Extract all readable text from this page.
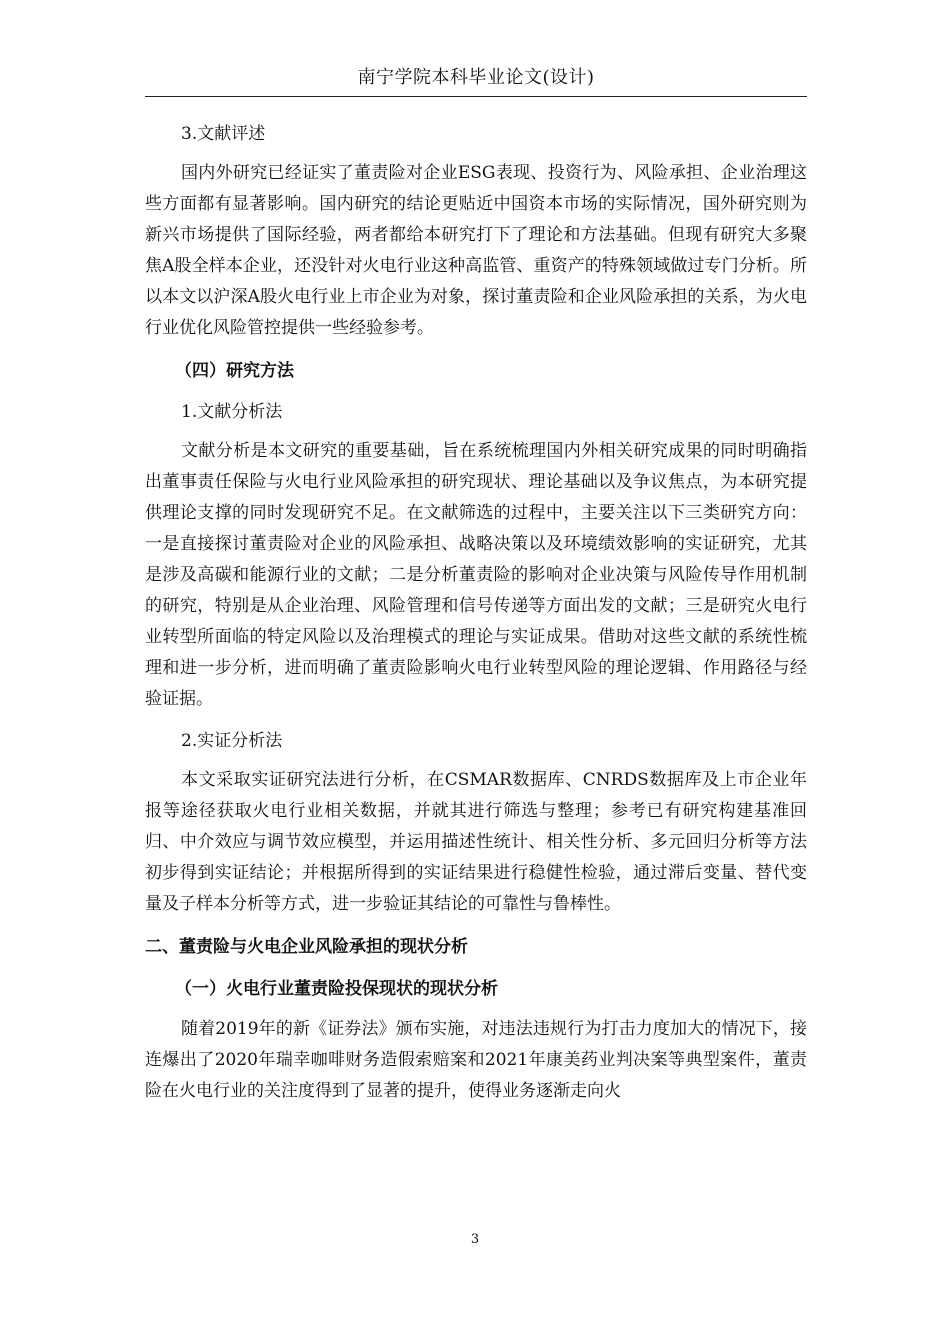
南宁学院本科毕业论文(设计)
3.文献评述

国内外研究已经证实了董责险对企业ESG表现、投资行为、风险承担、企业治理这些方面都有显著影响。国内研究的结论更贴近中国资本市场的实际情况，国外研究则为新兴市场提供了国际经验，两者都给本研究打下了理论和方法基础。但现有研究大多聚焦A股全样本企业，还没针对火电行业这种高监管、重资产的特殊领域做过专门分析。所以本文以沪深A股火电行业上市企业为对象，探讨董责险和企业风险承担的关系，为火电行业优化风险管控提供一些经验参考。

（四）研究方法
1.文献分析法

文献分析是本文研究的重要基础，旨在系统梳理国内外相关研究成果的同时明确指出董事责任保险与火电行业风险承担的研究现状、理论基础以及争议焦点，为本研究提供理论支撑的同时发现研究不足。在文献筛选的过程中，主要关注以下三类研究方向：一是直接探讨董责险对企业的风险承担、战略决策以及环境绩效影响的实证研究，尤其是涉及高碳和能源行业的文献；二是分析董责险的影响对企业决策与风险传导作用机制的研究，特别是从企业治理、风险管理和信号传递等方面出发的文献；三是研究火电行业转型所面临的特定风险以及治理模式的理论与实证成果。借助对这些文献的系统性梳理和进一步分析，进而明确了董责险影响火电行业转型风险的理论逻辑、作用路径与经验证据。

2.实证分析法

本文采取实证研究法进行分析，在CSMAR数据库、CNRDS数据库及上市企业年报等途径获取火电行业相关数据，并就其进行筛选与整理；参考已有研究构建基准回归、中介效应与调节效应模型，并运用描述性统计、相关性分析、多元回归分析等方法初步得到实证结论；并根据所得到的实证结果进行稳健性检验，通过滞后变量、替代变量及子样本分析等方式，进一步验证其结论的可靠性与鲁棒性。

二、董责险与火电企业风险承担的现状分析
（一）火电行业董责险投保现状的现状分析

随着2019年的新《证券法》颁布实施，对违法违规行为打击力度加大的情况下，接连爆出了2020年瑞幸咖啡财务造假索赔案和2021年康美药业判决案等典型案件，董责险在火电行业的关注度得到了显著的提升，使得业务逐渐走向火

3
